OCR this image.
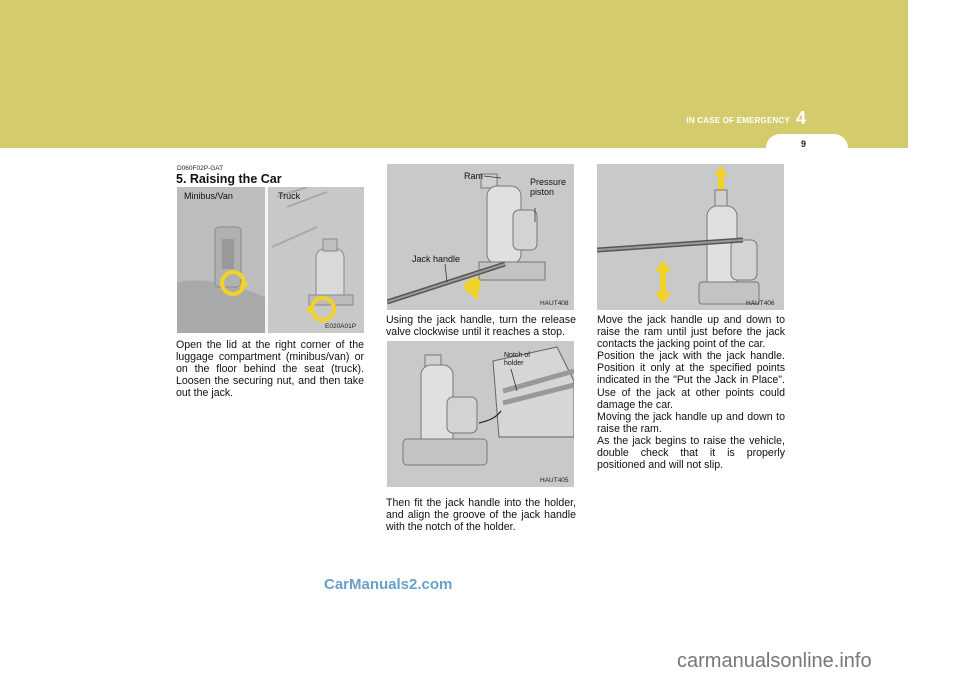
IN CASE OF EMERGENCY 4
9
D060F02P-GAT
5. Raising the Car
Minibus/Van	Truck
E020A01P
Open the lid at the right corner of the luggage compartment (minibus/van) or on the floor behind the seat (truck). Loosen the securing nut, and then take out the jack.
Ram
Pressure piston
Jack handle
HAUT408
Using the jack handle, turn the release valve clockwise until it reaches a stop.
Notch of holder
HAUT405
Then fit the jack handle into the holder, and align the groove of the jack handle with the notch of the holder.
HAUT406

Move the jack handle up and down to raise the ram until just before the jack contacts the jacking point of the car.

Position the jack with the jack handle. Position it only at the specified points indicated in the "Put the Jack in Place". Use of the jack at other points could damage the car.

Moving the jack handle up and down to raise the ram.

As the jack begins to raise the vehicle, double check that it is properly positioned and will not slip.

CarManuals2.com
carmanualsonline.info
